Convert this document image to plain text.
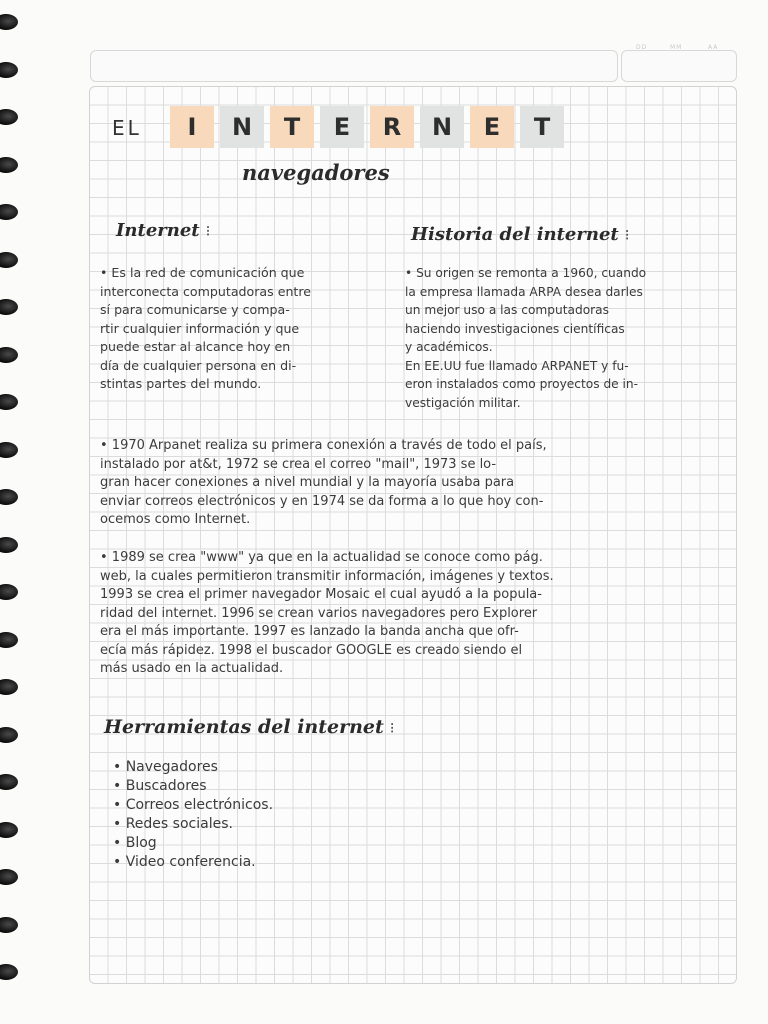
DD	MM	AA
EL	I	N	T	E	R	N	E	T
navegadores
Internet ⁝
• Es la red de comunicación que
interconecta computadoras entre
sí para comunicarse y compa-
rtir cualquier información y que
puede estar al alcance hoy en
día de cualquier persona en di-
stintas partes del mundo.
Historia del internet ⁝
• Su origen se remonta a 1960, cuando
la empresa llamada ARPA desea darles
un mejor uso a las computadoras
haciendo investigaciones científicas
y académicos.
En EE.UU fue llamado ARPANET y fu-
eron instalados como proyectos de in-
vestigación militar.
• 1970 Arpanet realiza su primera conexión a través de todo el país,
instalado por at&t, 1972 se crea el correo "mail", 1973 se lo-
gran hacer conexiones a nivel mundial y la mayoría usaba para
enviar correos electrónicos y en 1974 se da forma a lo que hoy con-
ocemos como Internet.
• 1989 se crea "www" ya que en la actualidad se conoce como pág.
web, la cuales permitieron transmitir información, imágenes y textos.
1993 se crea el primer navegador Mosaic el cual ayudó a la popula-
ridad del internet. 1996 se crean varios navegadores pero Explorer
era el más importante. 1997 es lanzado la banda ancha que ofr-
ecía más rápidez. 1998 el buscador GOOGLE es creado siendo el
más usado en la actualidad.
Herramientas del internet ⁝
• Navegadores
• Buscadores
• Correos electrónicos.
• Redes sociales.
• Blog
• Video conferencia.
